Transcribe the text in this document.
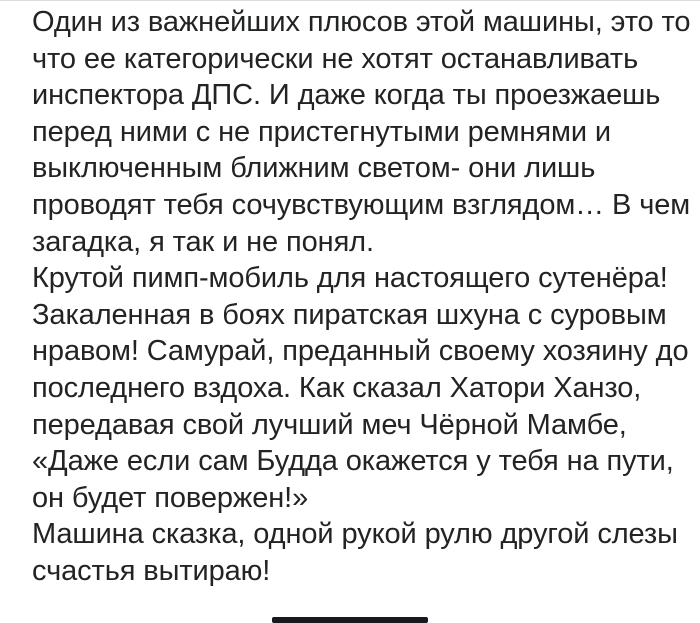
Один из важнейших плюсов этой машины, это то
что ее категорически не хотят останавливать
инспектора ДПС. И даже когда ты проезжаешь
перед ними с не пристегнутыми ремнями и
выключенным ближним светом- они лишь
проводят тебя сочувствующим взглядом… В чем
загадка, я так и не понял.
Крутой пимп-мобиль для настоящего сутенёра!
Закаленная в боях пиратская шхуна с суровым
нравом! Самурай, преданный своему хозяину до
последнего вздоха. Как сказал Хатори Ханзо,
передавая свой лучший меч Чёрной Мамбе,
«Даже если сам Будда окажется у тебя на пути,
он будет повержен!»
Машина сказка, одной рукой рулю другой слезы
счастья вытираю!
